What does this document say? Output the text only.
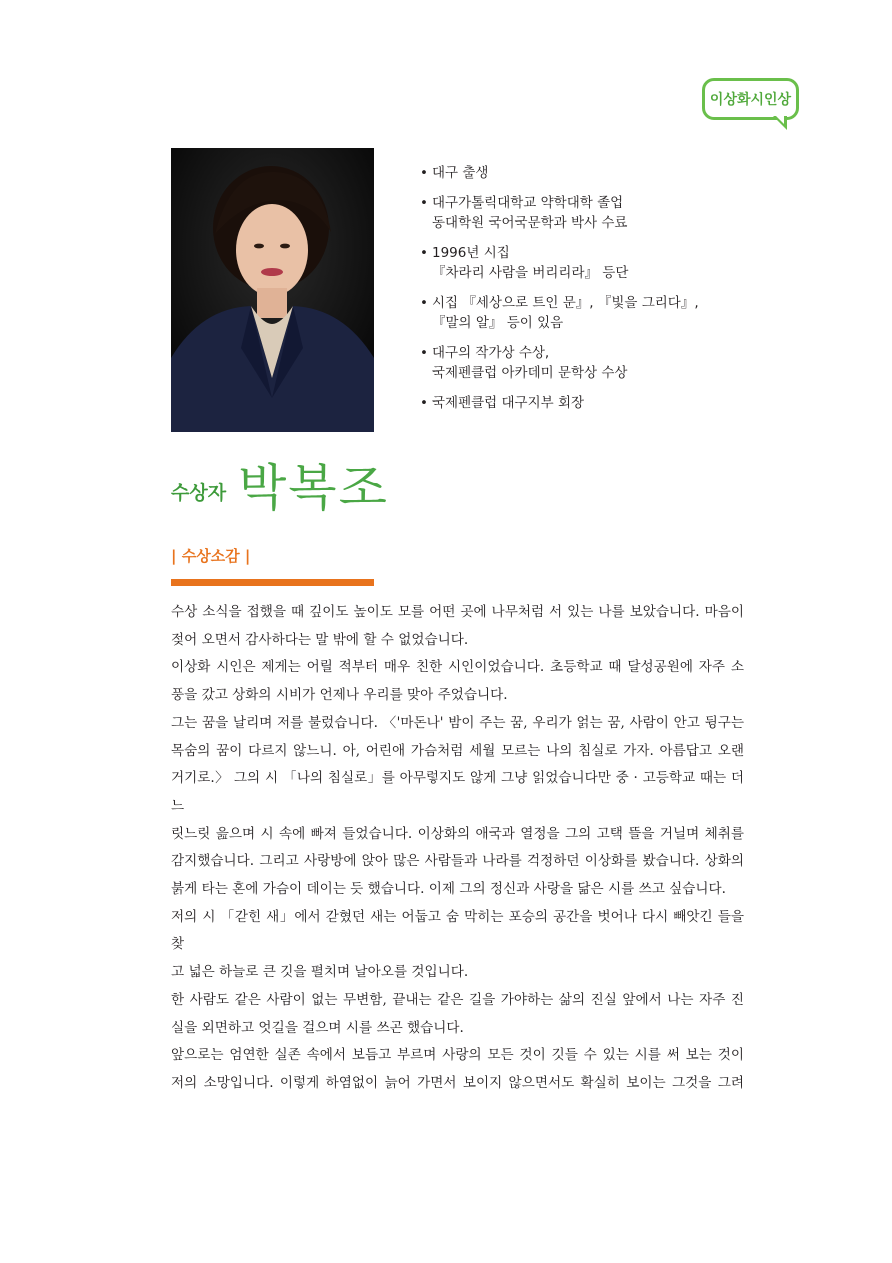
이상화시인상
• 대구 출생
• 대구가톨릭대학교 약학대학 졸업
동대학원 국어국문학과 박사 수료
• 1996년 시집
『차라리 사람을 버리리라』 등단
• 시집 『세상으로 트인 문』, 『빛을 그리다』,
『말의 알』 등이 있음
• 대구의 작가상 수상,
국제펜클럽 아카데미 문학상 수상
• 국제펜클럽 대구지부 회장
수상자 박복조
| 수상소감 |

수상 소식을 접했을 때 깊이도 높이도 모를 어떤 곳에 나무처럼 서 있는 나를 보았습니다. 마음이

젖어 오면서 감사하다는 말 밖에 할 수 없었습니다.

이상화 시인은 제게는 어릴 적부터 매우 친한 시인이었습니다. 초등학교 때 달성공원에 자주 소

풍을 갔고 상화의 시비가 언제나 우리를 맞아 주었습니다.

그는 꿈을 날리며 저를 불렀습니다. 〈'마돈나' 밤이 주는 꿈, 우리가 얽는 꿈, 사람이 안고 뒹구는

목숨의 꿈이 다르지 않느니. 아, 어린애 가슴처럼 세월 모르는 나의 침실로 가자. 아름답고 오랜

거기로.〉 그의 시 「나의 침실로」를 아무렇지도 않게 그냥 읽었습니다만 중 · 고등학교 때는 더 느

릿느릿 읊으며 시 속에 빠져 들었습니다. 이상화의 애국과 열정을 그의 고택 뜰을 거닐며 체취를

감지했습니다. 그리고 사랑방에 앉아 많은 사람들과 나라를 걱정하던 이상화를 봤습니다. 상화의

붉게 타는 혼에 가슴이 데이는 듯 했습니다. 이제 그의 정신과 사랑을 닮은 시를 쓰고 싶습니다.

저의 시 「갇힌 새」에서 갇혔던 새는 어둡고 숨 막히는 포승의 공간을 벗어나 다시 빼앗긴 들을 찾

고 넓은 하늘로 큰 깃을 펼치며 날아오를 것입니다.

한 사람도 같은 사람이 없는 무변함, 끝내는 같은 길을 가야하는 삶의 진실 앞에서 나는 자주 진

실을 외면하고 엇길을 걸으며 시를 쓰곤 했습니다.

앞으로는 엄연한 실존 속에서 보듬고 부르며 사랑의 모든 것이 깃들 수 있는 시를 써 보는 것이

저의 소망입니다. 이렇게 하염없이 늙어 가면서 보이지 않으면서도 확실히 보이는 그것을 그려
